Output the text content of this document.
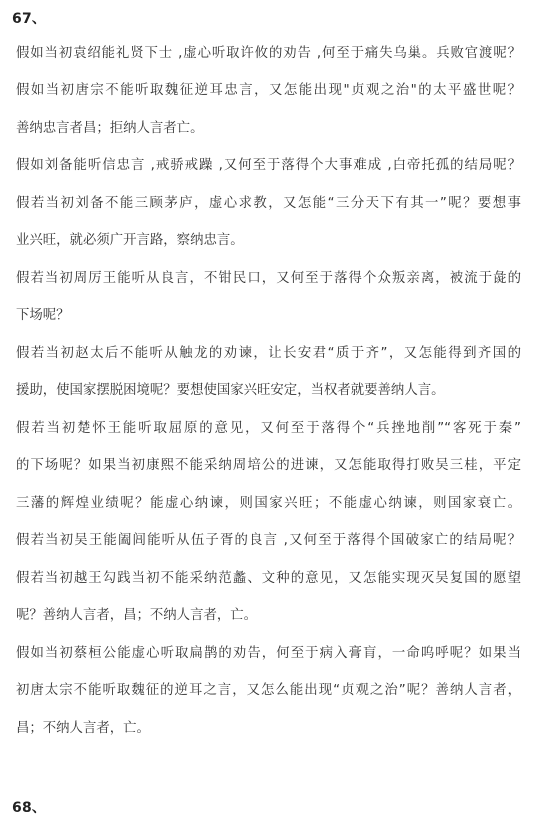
67、
假如当初袁绍能礼贤下士 ,虚心听取许攸的劝告 ,何至于痛失乌巢。兵败官渡呢？
假如当初唐宗不能听取魏征逆耳忠言，又怎能出现"贞观之治"的太平盛世呢？
善纳忠言者昌；拒纳人言者亡。
假如刘备能听信忠言 ,戒骄戒躁 ,又何至于落得个大事难成 ,白帝托孤的结局呢？
假若当初刘备不能三顾茅庐，虚心求教，又怎能“三分天下有其一”呢？要想事
业兴旺，就必须广开言路，察纳忠言。
假若当初周厉王能听从良言，不钳民口，又何至于落得个众叛亲离，被流于彘的
下场呢？
假若当初赵太后不能听从触龙的劝谏，让长安君“质于齐”，又怎能得到齐国的
援助，使国家摆脱困境呢？要想使国家兴旺安定，当权者就要善纳人言。
假若当初楚怀王能听取屈原的意见，又何至于落得个“兵挫地削”“客死于秦”
的下场呢？如果当初康熙不能采纳周培公的进谏，又怎能取得打败吴三桂，平定
三藩的辉煌业绩呢？能虚心纳谏，则国家兴旺；不能虚心纳谏，则国家衰亡。
假若当初吴王能阖闾能听从伍子胥的良言 ,又何至于落得个国破家亡的结局呢？
假若当初越王勾践当初不能采纳范蠡、文种的意见，又怎能实现灭吴复国的愿望
呢？善纳人言者，昌；不纳人言者，亡。
假如当初蔡桓公能虚心听取扁鹊的劝告，何至于病入膏肓，一命呜呼呢？如果当
初唐太宗不能听取魏征的逆耳之言，又怎么能出现“贞观之治”呢？善纳人言者，
昌；不纳人言者，亡。
68、
